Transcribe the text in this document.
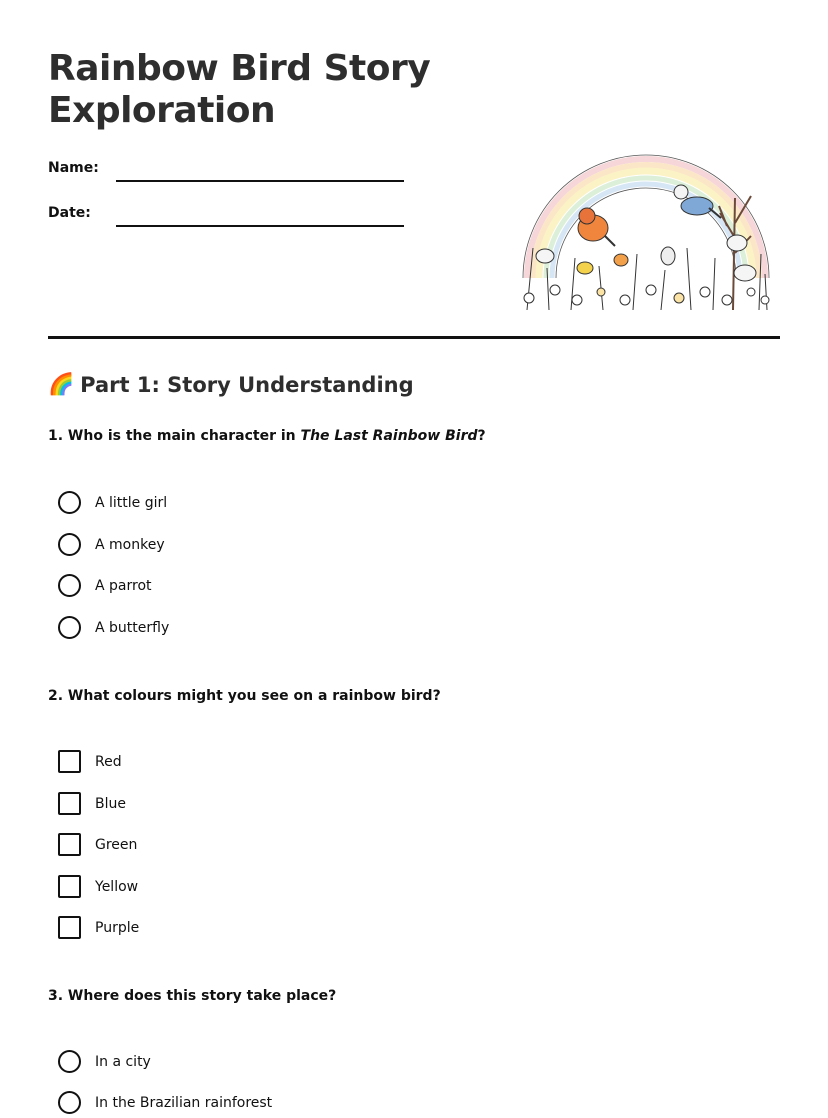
Rainbow Bird Story Exploration
Name:
Date:
🌈 Part 1: Story Understanding

1. Who is the main character in The Last Rainbow Bird?

A little girl
A monkey
A parrot
A butterfly

2. What colours might you see on a rainbow bird?

Red
Blue
Green
Yellow
Purple

3. Where does this story take place?

In a city
In the Brazilian rainforest
